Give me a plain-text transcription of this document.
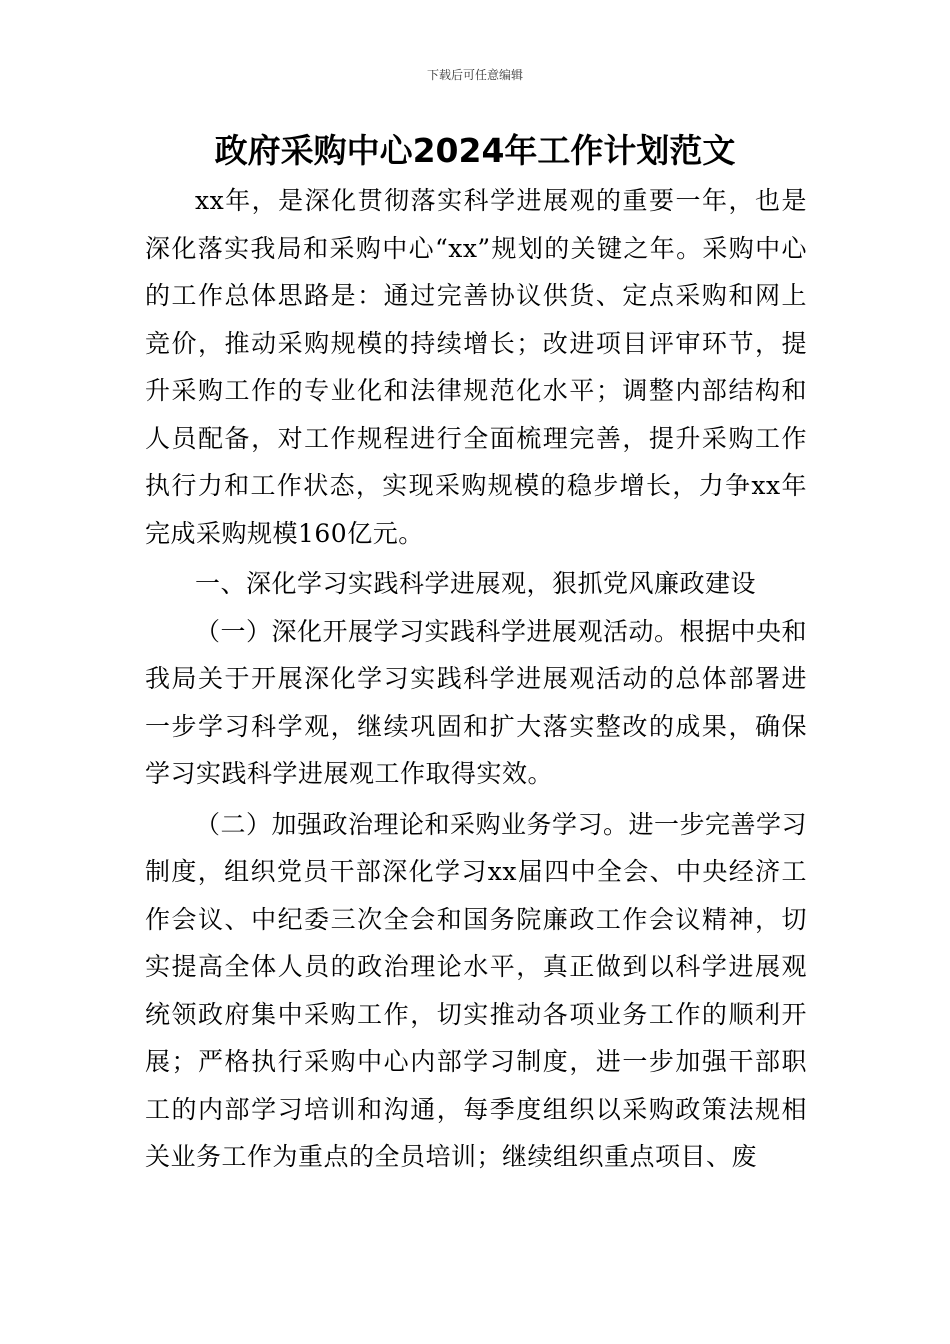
下载后可任意编辑
政府采购中心2024年工作计划范文

xx年，是深化贯彻落实科学进展观的重要一年，也是深化落实我局和采购中心“xx”规划的关键之年。采购中心的工作总体思路是：通过完善协议供货、定点采购和网上竞价，推动采购规模的持续增长；改进项目评审环节，提升采购工作的专业化和法律规范化水平；调整内部结构和人员配备，对工作规程进行全面梳理完善，提升采购工作执行力和工作状态，实现采购规模的稳步增长，力争xx年完成采购规模160亿元。

一、深化学习实践科学进展观，狠抓党风廉政建设

（一）深化开展学习实践科学进展观活动。根据中央和我局关于开展深化学习实践科学进展观活动的总体部署进一步学习科学观，继续巩固和扩大落实整改的成果，确保学习实践科学进展观工作取得实效。

（二）加强政治理论和采购业务学习。进一步完善学习制度，组织党员干部深化学习xx届四中全会、中央经济工作会议、中纪委三次全会和国务院廉政工作会议精神，切实提高全体人员的政治理论水平，真正做到以科学进展观统领政府集中采购工作，切实推动各项业务工作的顺利开展；严格执行采购中心内部学习制度，进一步加强干部职工的内部学习培训和沟通，每季度组织以采购政策法规相关业务工作为重点的全员培训；继续组织重点项目、废
